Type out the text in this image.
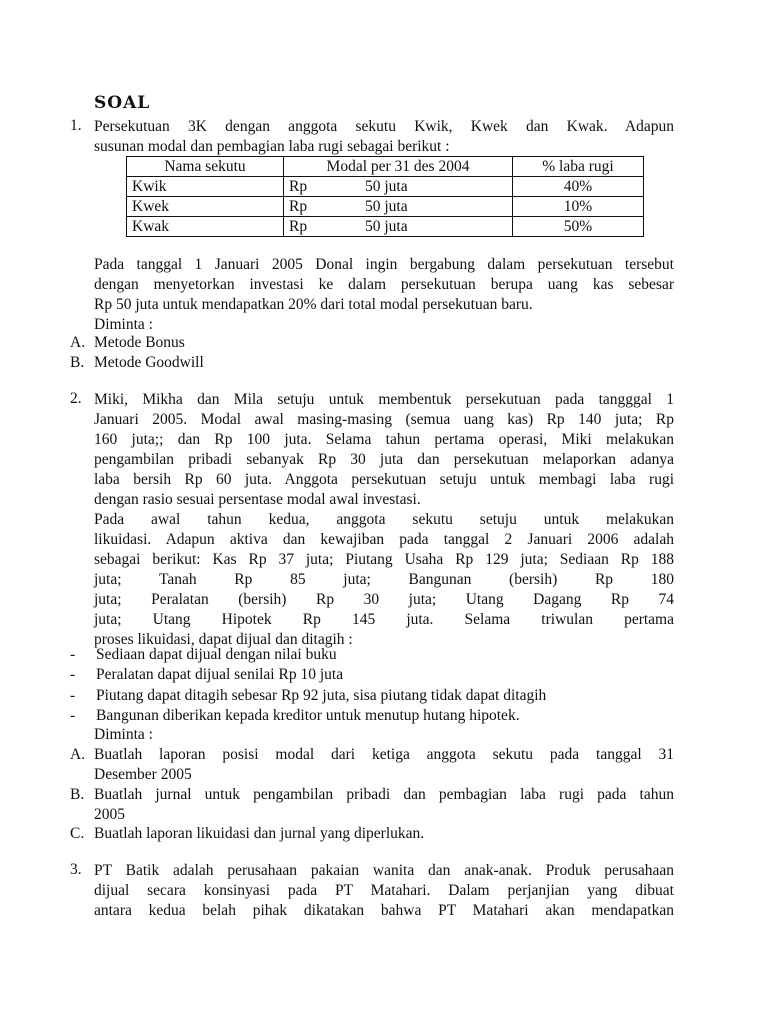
SOAL
1. Persekutuan 3K dengan anggota sekutu Kwik, Kwek dan Kwak. Adapun
susunan modal dan pembagian laba rugi sebagai berikut :
Nama sekutu	Modal per 31 des 2004	% laba rugi
Kwik	Rp 50 juta	40%
Kwek	Rp 50 juta	10%
Kwak	Rp 50 juta	50%
Pada tanggal 1 Januari 2005 Donal ingin bergabung dalam persekutuan tersebut
dengan menyetorkan investasi ke dalam persekutuan berupa uang kas sebesar
Rp 50 juta untuk mendapatkan 20% dari total modal persekutuan baru.
Diminta :
A. Metode Bonus
B. Metode Goodwill
2. Miki, Mikha dan Mila setuju untuk membentuk persekutuan pada tangggal 1
Januari 2005. Modal awal masing-masing (semua uang kas) Rp 140 juta; Rp
160 juta;; dan Rp 100 juta. Selama tahun pertama operasi, Miki melakukan
pengambilan pribadi sebanyak Rp 30 juta dan persekutuan melaporkan adanya
laba bersih Rp 60 juta. Anggota persekutuan setuju untuk membagi laba rugi
dengan rasio sesuai persentase modal awal investasi.
Pada awal tahun kedua, anggota sekutu setuju untuk melakukan
likuidasi. Adapun aktiva dan kewajiban pada tanggal 2 Januari 2006 adalah
sebagai berikut: Kas Rp 37 juta; Piutang Usaha Rp 129 juta; Sediaan Rp 188
juta; Tanah Rp 85 juta; Bangunan (bersih) Rp 180
juta; Peralatan (bersih) Rp 30 juta; Utang Dagang Rp 74
juta; Utang Hipotek Rp 145 juta. Selama triwulan pertama
proses likuidasi, dapat dijual dan ditagih :
- Sediaan dapat dijual dengan nilai buku
- Peralatan dapat dijual senilai Rp 10 juta
- Piutang dapat ditagih sebesar Rp 92 juta, sisa piutang tidak dapat ditagih
- Bangunan diberikan kepada kreditor untuk menutup hutang hipotek.
Diminta :
A. Buatlah laporan posisi modal dari ketiga anggota sekutu pada tanggal 31
Desember 2005
B. Buatlah jurnal untuk pengambilan pribadi dan pembagian laba rugi pada tahun
2005
C. Buatlah laporan likuidasi dan jurnal yang diperlukan.
3. PT Batik adalah perusahaan pakaian wanita dan anak-anak. Produk perusahaan
dijual secara konsinyasi pada PT Matahari. Dalam perjanjian yang dibuat
antara kedua belah pihak dikatakan bahwa PT Matahari akan mendapatkan
